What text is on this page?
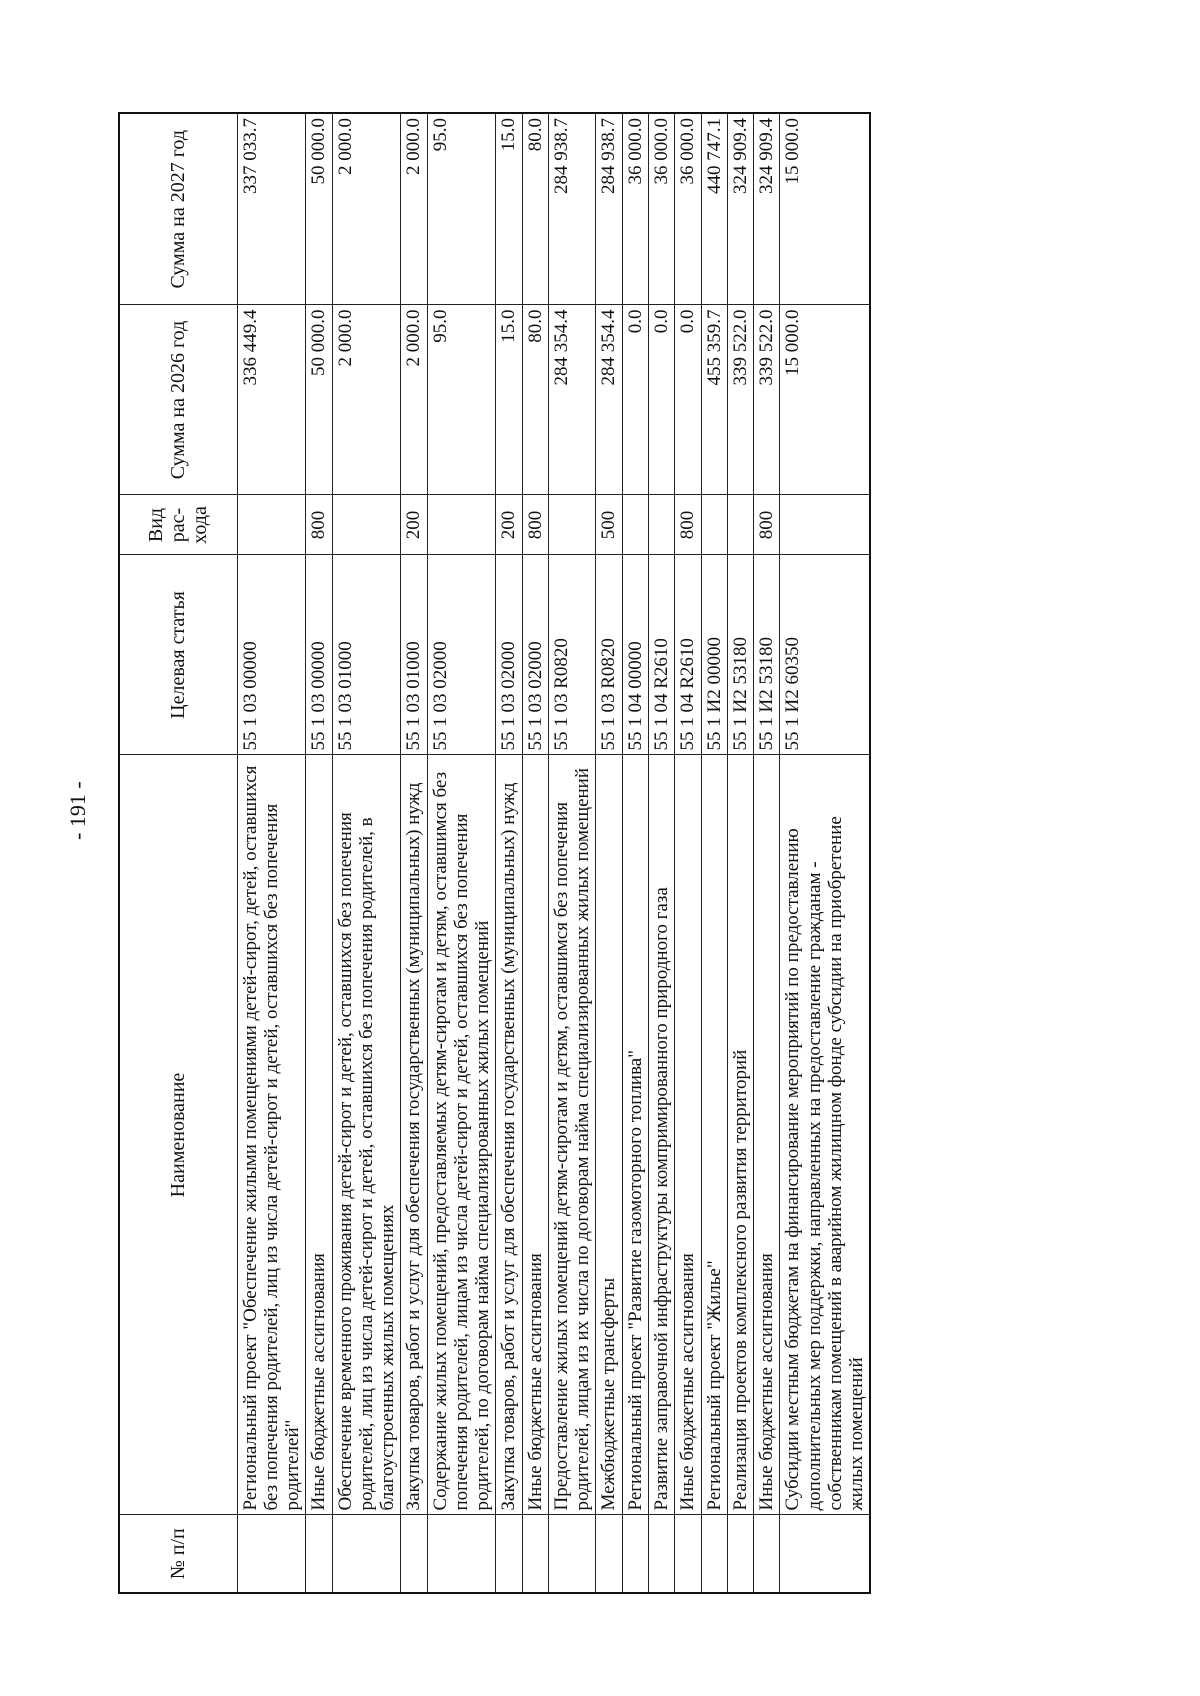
- 191 -
№ п/п	Наименование	Целевая статья	Вид рас-хода	Сумма на 2026 год	Сумма на 2027 год
	Региональный проект "Обеспечение жилыми помещениями детей-сирот, детей, оставшихся без попечения родителей, лиц из числа детей-сирот и детей, оставшихся без попечения родителей"	55 1 03 00000		336 449.4	337 033.7
	Иные бюджетные ассигнования	55 1 03 00000	800	50 000.0	50 000.0
	Обеспечение временного проживания детей-сирот и детей, оставшихся без попечения родителей, лиц из числа детей-сирот и детей, оставшихся без попечения родителей, в благоустроенных жилых помещениях	55 1 03 01000		2 000.0	2 000.0
	Закупка товаров, работ и услуг для обеспечения государственных (муниципальных) нужд	55 1 03 01000	200	2 000.0	2 000.0
	Содержание жилых помещений, предоставляемых детям-сиротам и детям, оставшимся без попечения родителей, лицам из числа детей-сирот и детей, оставшихся без попечения родителей, по договорам найма специализированных жилых помещений	55 1 03 02000		95.0	95.0
	Закупка товаров, работ и услуг для обеспечения государственных (муниципальных) нужд	55 1 03 02000	200	15.0	15.0
	Иные бюджетные ассигнования	55 1 03 02000	800	80.0	80.0
	Предоставление жилых помещений детям-сиротам и детям, оставшимся без попечения родителей, лицам из их числа по договорам найма специализированных жилых помещений	55 1 03 R0820		284 354.4	284 938.7
	Межбюджетные трансферты	55 1 03 R0820	500	284 354.4	284 938.7
	Региональный проект "Развитие газомоторного топлива"	55 1 04 00000		0.0	36 000.0
	Развитие заправочной инфраструктуры компримированного природного газа	55 1 04 R2610		0.0	36 000.0
	Иные бюджетные ассигнования	55 1 04 R2610	800	0.0	36 000.0
	Региональный проект "Жилье"	55 1 И2 00000		455 359.7	440 747.1
	Реализация проектов комплексного развития территорий	55 1 И2 53180		339 522.0	324 909.4
	Иные бюджетные ассигнования	55 1 И2 53180	800	339 522.0	324 909.4
	Субсидии местным бюджетам на финансирование мероприятий по предоставлению дополнительных мер поддержки, направленных на предоставление гражданам - собственникам помещений в аварийном жилищном фонде субсидии на приобретение жилых помещений	55 1 И2 60350		15 000.0	15 000.0
